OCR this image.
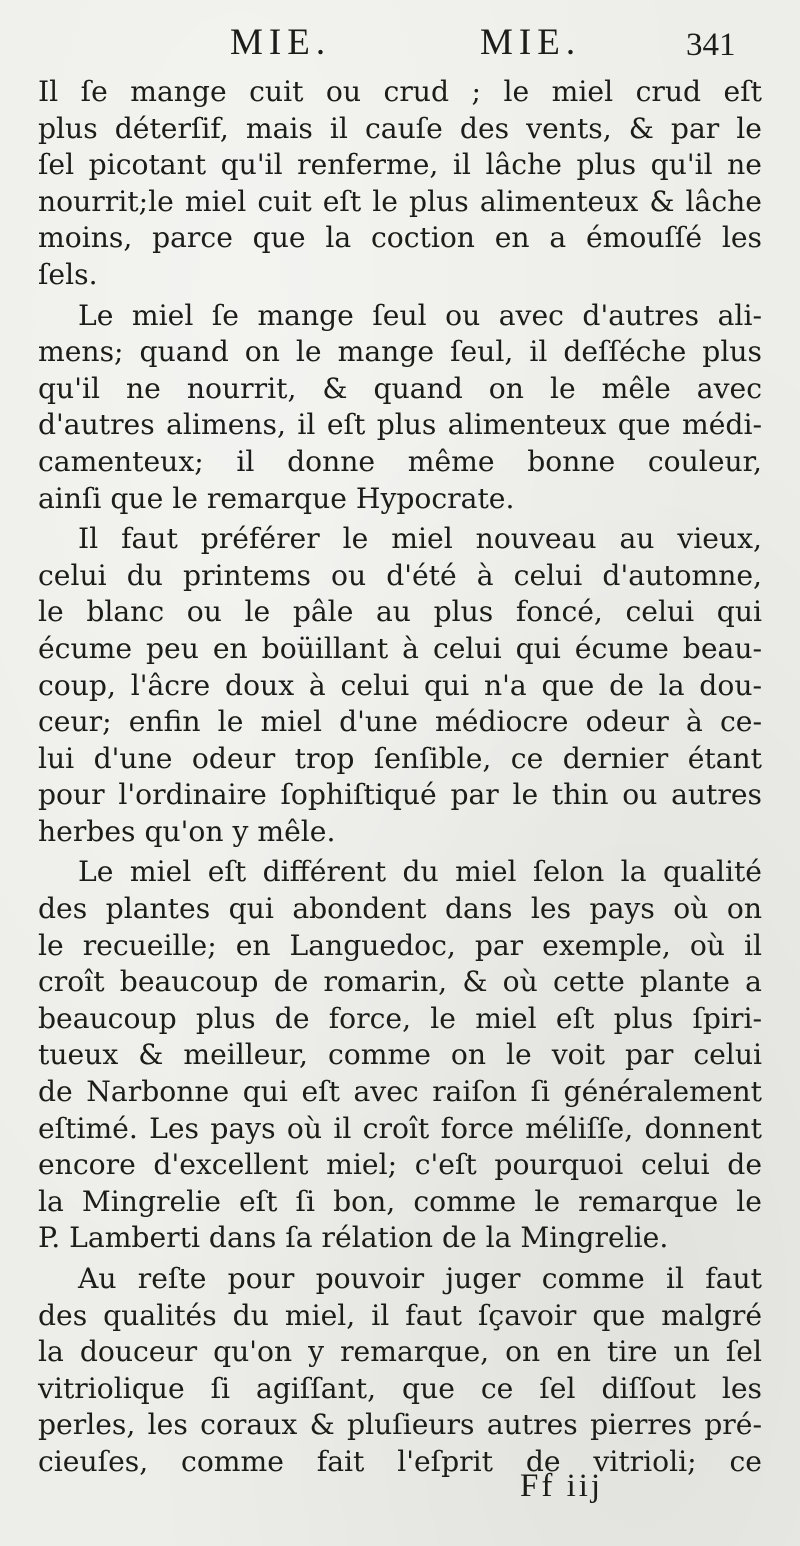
MIE.	MIE.	341

Il ſe mange cuit ou crud ; le miel crud eſt
plus déterſif, mais il cauſe des vents, & par le
ſel picotant qu'il renferme, il lâche plus qu'il ne
nourrit;le miel cuit eſt le plus alimenteux & lâche
moins, parce que la coction en a émouſſé les
ſels.

Le miel ſe mange ſeul ou avec d'autres ali-
mens; quand on le mange ſeul, il deſſéche plus
qu'il ne nourrit, & quand on le mêle avec
d'autres alimens, il eſt plus alimenteux que médi-
camenteux; il donne même bonne couleur,
ainſi que le remarque Hypocrate.

Il faut préférer le miel nouveau au vieux,
celui du printems ou d'été à celui d'automne,
le blanc ou le pâle au plus foncé, celui qui
écume peu en boüillant à celui qui écume beau-
coup, l'âcre doux à celui qui n'a que de la dou-
ceur; enfin le miel d'une médiocre odeur à ce-
lui d'une odeur trop ſenſible, ce dernier étant
pour l'ordinaire ſophiſtiqué par le thin ou autres
herbes qu'on y mêle.

Le miel eſt différent du miel ſelon la qualité
des plantes qui abondent dans les pays où on
le recueille; en Languedoc, par exemple, où il
croît beaucoup de romarin, & où cette plante a
beaucoup plus de force, le miel eſt plus ſpiri-
tueux & meilleur, comme on le voit par celui
de Narbonne qui eſt avec raiſon ſi généralement
eſtimé. Les pays où il croît force méliſſe, donnent
encore d'excellent miel; c'eſt pourquoi celui de
la Mingrelie eſt ſi bon, comme le remarque le
P. Lamberti dans ſa rélation de la Mingrelie.

Au reſte pour pouvoir juger comme il faut
des qualités du miel, il faut ſçavoir que malgré
la douceur qu'on y remarque, on en tire un ſel
vitriolique ſi agiſſant, que ce ſel diſſout les
perles, les coraux & pluſieurs autres pierres pré-
cieuſes, comme fait l'eſprit de vitrioli; ce

Ff iij
